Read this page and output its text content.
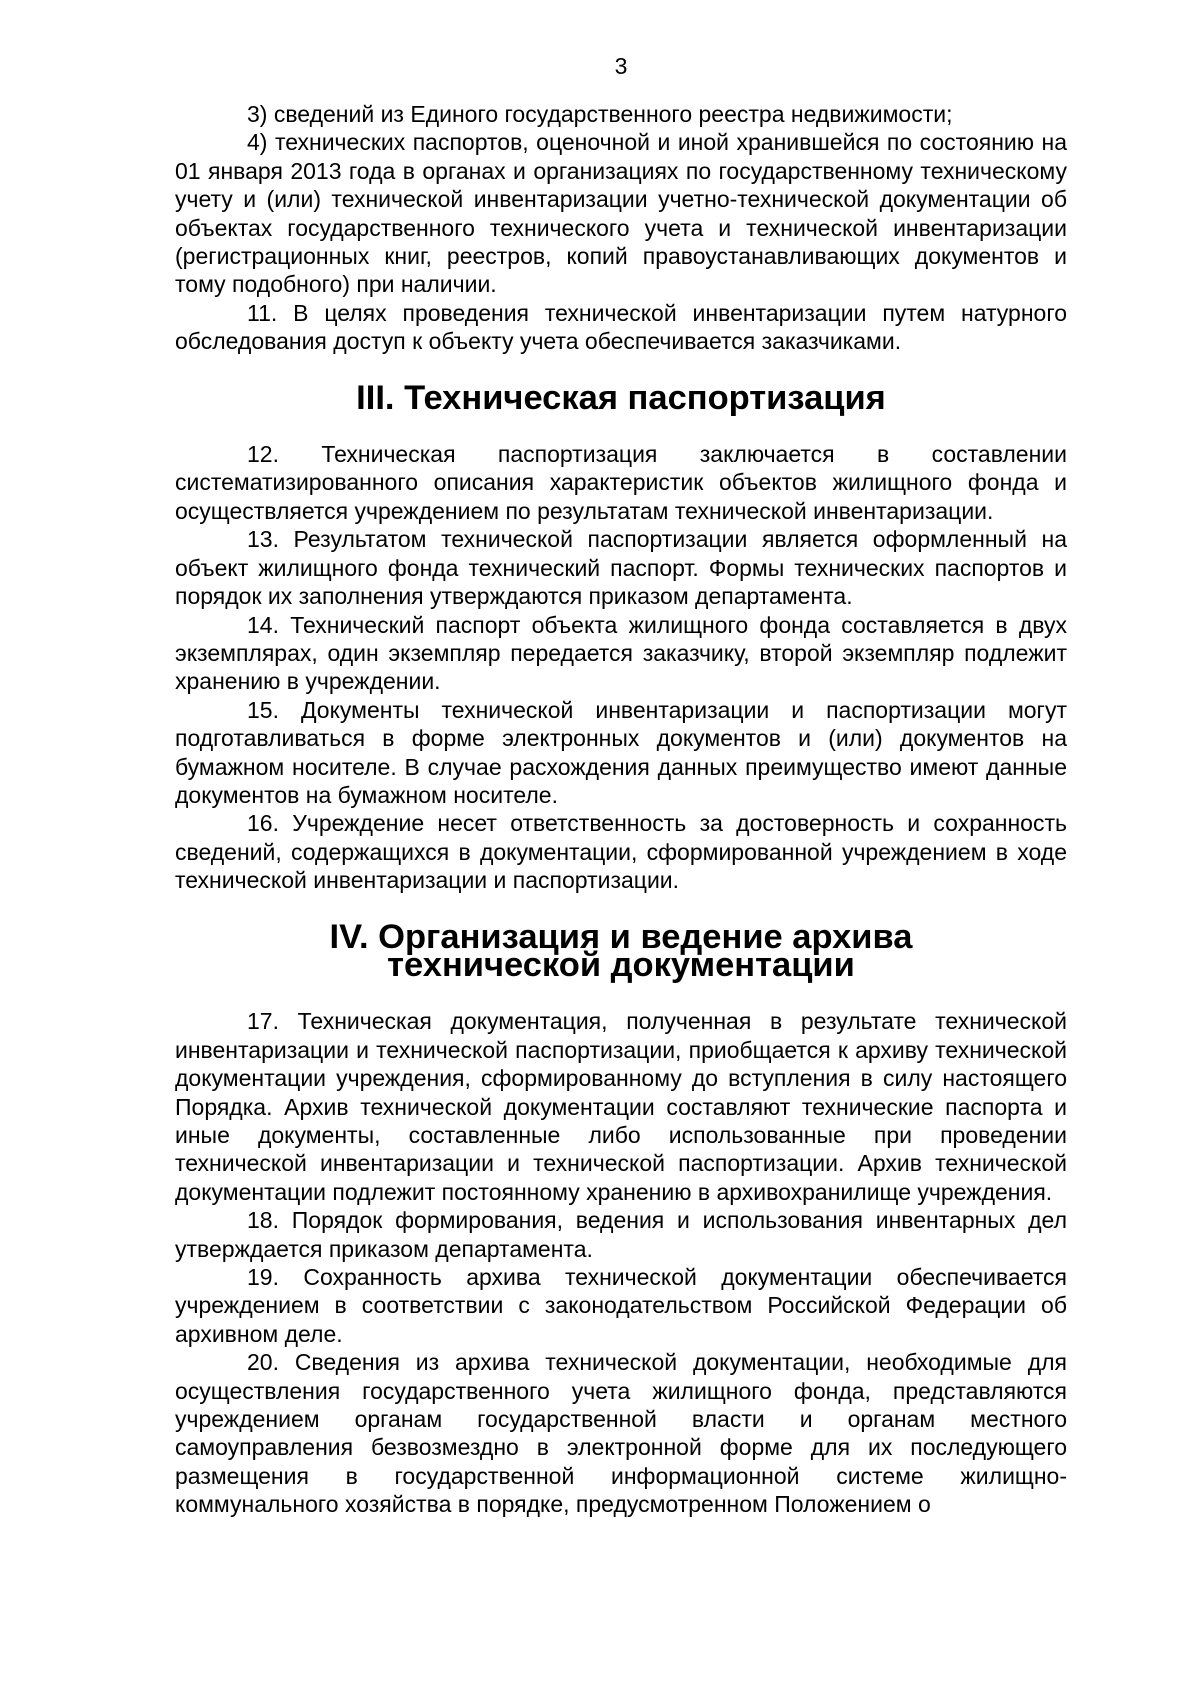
3

3) сведений из Единого государственного реестра недвижимости;

4) технических паспортов, оценочной и иной хранившейся по состоянию на 01 января 2013 года в органах и организациях по государственному техническому учету и (или) технической инвентаризации учетно-технической документации об объектах государственного технического учета и технической инвентаризации (регистрационных книг, реестров, копий правоустанавливающих документов и тому подобного) при наличии.

11. В целях проведения технической инвентаризации путем натурного обследования доступ к объекту учета обеспечивается заказчиками.

III. Техническая паспортизация

12. Техническая паспортизация заключается в составлении систематизированного описания характеристик объектов жилищного фонда и осуществляется учреждением по результатам технической инвентаризации.

13. Результатом технической паспортизации является оформленный на объект жилищного фонда технический паспорт. Формы технических паспортов и порядок их заполнения утверждаются приказом департамента.

14. Технический паспорт объекта жилищного фонда составляется в двух экземплярах, один экземпляр передается заказчику, второй экземпляр подлежит хранению в учреждении.

15. Документы технической инвентаризации и паспортизации могут подготавливаться в форме электронных документов и (или) документов на бумажном носителе. В случае расхождения данных преимущество имеют данные документов на бумажном носителе.

16. Учреждение несет ответственность за достоверность и сохранность сведений, содержащихся в документации, сформированной учреждением в ходе технической инвентаризации и паспортизации.

IV. Организация и ведение архива
технической документации

17. Техническая документация, полученная в результате технической инвентаризации и технической паспортизации, приобщается к архиву технической документации учреждения, сформированному до вступления в силу настоящего Порядка. Архив технической документации составляют технические паспорта и иные документы, составленные либо использованные при проведении технической инвентаризации и технической паспортизации. Архив технической документации подлежит постоянному хранению в архивохранилище учреждения.

18. Порядок формирования, ведения и использования инвентарных дел утверждается приказом департамента.

19. Сохранность архива технической документации обеспечивается учреждением в соответствии с законодательством Российской Федерации об архивном деле.

20. Сведения из архива технической документации, необходимые для осуществления государственного учета жилищного фонда, представляются учреждением органам государственной власти и органам местного самоуправления безвозмездно в электронной форме для их последующего размещения в государственной информационной системе жилищно-коммунального хозяйства в порядке, предусмотренном Положением о
